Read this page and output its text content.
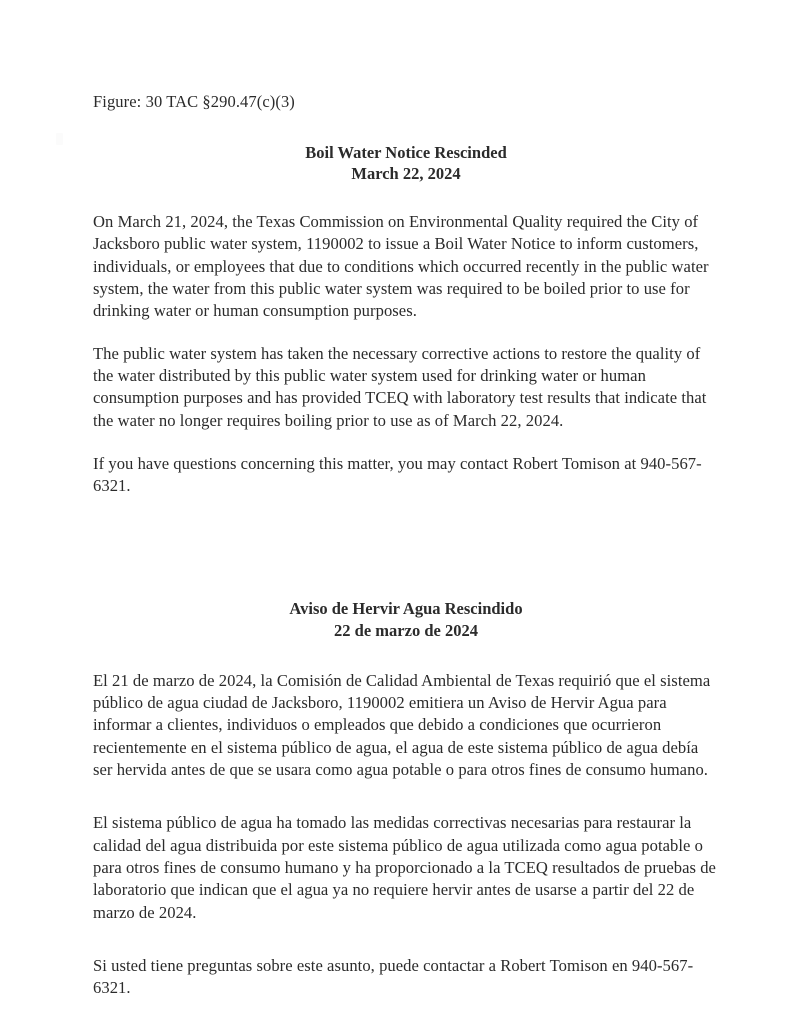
Figure: 30 TAC §290.47(c)(3)
Boil Water Notice Rescinded
March 22, 2024

On March 21, 2024, the Texas Commission on Environmental Quality required the City of Jacksboro public water system, 1190002 to issue a Boil Water Notice to inform customers, individuals, or employees that due to conditions which occurred recently in the public water system, the water from this public water system was required to be boiled prior to use for drinking water or human consumption purposes.

The public water system has taken the necessary corrective actions to restore the quality of the water distributed by this public water system used for drinking water or human consumption purposes and has provided TCEQ with laboratory test results that indicate that the water no longer requires boiling prior to use as of March 22, 2024.

If you have questions concerning this matter, you may contact Robert Tomison at 940-567-6321.

Aviso de Hervir Agua Rescindido
22 de marzo de 2024

El 21 de marzo de 2024, la Comisión de Calidad Ambiental de Texas requirió que el sistema público de agua ciudad de Jacksboro, 1190002 emitiera un Aviso de Hervir Agua para informar a clientes, individuos o empleados que debido a condiciones que ocurrieron recientemente en el sistema público de agua, el agua de este sistema público de agua debía ser hervida antes de que se usara como agua potable o para otros fines de consumo humano.

El sistema público de agua ha tomado las medidas correctivas necesarias para restaurar la calidad del agua distribuida por este sistema público de agua utilizada como agua potable o para otros fines de consumo humano y ha proporcionado a la TCEQ resultados de pruebas de laboratorio que indican que el agua ya no requiere hervir antes de usarse a partir del 22 de marzo de 2024.

Si usted tiene preguntas sobre este asunto, puede contactar a Robert Tomison en 940-567-6321.
